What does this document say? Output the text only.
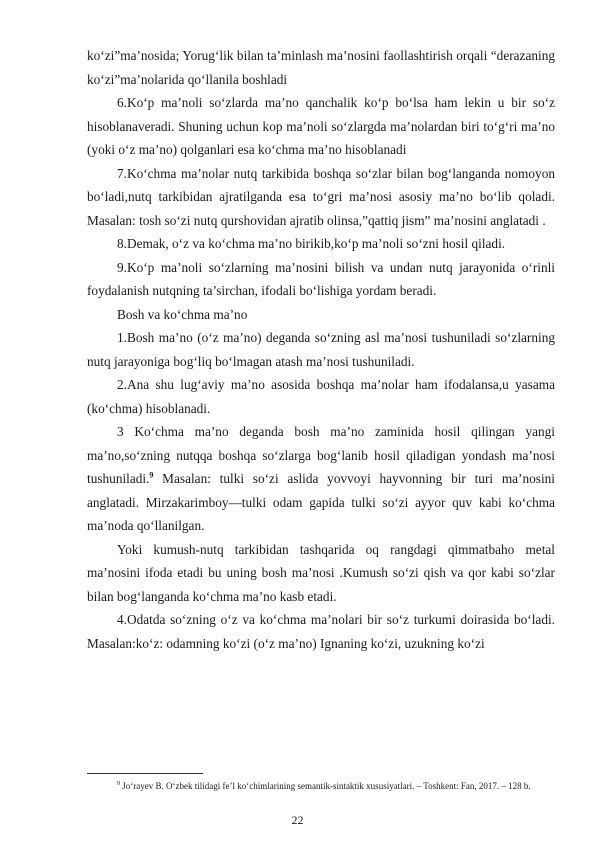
ko‘zi”ma’nosida; Yorug‘lik bilan ta’minlash ma’nosini faollashtirish orqali “derazaning ko‘zi”ma’nolarida qo‘llanila boshladi

6.Ko‘p ma’noli so‘zlarda ma’no qanchalik ko‘p bo‘lsa ham lekin u bir so‘z hisoblanaveradi. Shuning uchun kop ma’noli so‘zlargda ma’nolardan biri to‘g‘ri ma’no (yoki o‘z ma’no) qolganlari esa ko‘chma ma’no hisoblanadi

7.Ko‘chma ma’nolar nutq tarkibida boshqa so‘zlar bilan bog‘langanda nomoyon bo‘ladi,nutq tarkibidan ajratilganda esa to‘gri ma’nosi asosiy ma’no bo‘lib qoladi. Masalan: tosh so‘zi nutq qurshovidan ajratib olinsa,”qattiq jism” ma’nosini anglatadi .

8.Demak, o‘z va ko‘chma ma’no birikib,ko‘p ma’noli so‘zni hosil qiladi.

9.Ko‘p ma’noli so‘zlarning ma’nosini bilish va undan nutq jarayonida o‘rinli foydalanish nutqning ta’sirchan, ifodali bo‘lishiga yordam beradi.

Bosh va ko‘chma ma’no

1.Bosh ma’no (o‘z ma’no) deganda so‘zning asl ma’nosi tushuniladi so‘zlarning nutq jarayoniga bog‘liq bo‘lmagan atash ma’nosi tushuniladi.

2.Ana shu lug‘aviy ma’no asosida boshqa ma’nolar ham ifodalansa,u yasama (ko‘chma) hisoblanadi.

3 Ko‘chma ma’no deganda bosh ma’no zaminida hosil qilingan yangi ma’no,so‘zning nutqqa boshqa so‘zlarga bog‘lanib hosil qiladigan yondash ma’nosi tushuniladi.$^9$ Masalan: tulki so‘zi aslida yovvoyi hayvonning bir turi ma’nosini anglatadi. Mirzakarimboy—tulki odam gapida tulki so‘zi ayyor quv kabi ko‘chma ma’noda qo‘llanilgan.

Yoki kumush-nutq tarkibidan tashqarida oq rangdagi qimmatbaho metal ma’nosini ifoda etadi bu uning bosh ma’nosi .Kumush so‘zi qish va qor kabi so‘zlar bilan bog‘langanda ko‘chma ma’no kasb etadi.

4.Odatda so‘zning o‘z va ko‘chma ma’nolari bir so‘z turkumi doirasida bo‘ladi. Masalan:ko‘z: odamning ko‘zi (o‘z ma’no) Ignaning ko‘zi, uzukning ko‘zi

$^9$ Jo‘rayev B. O‘zbek tilidagi fe’l ko‘chimlarining semantik-sintaktik xususiyatlari. – Toshkent: Fan, 2017. – 128 b.
22
